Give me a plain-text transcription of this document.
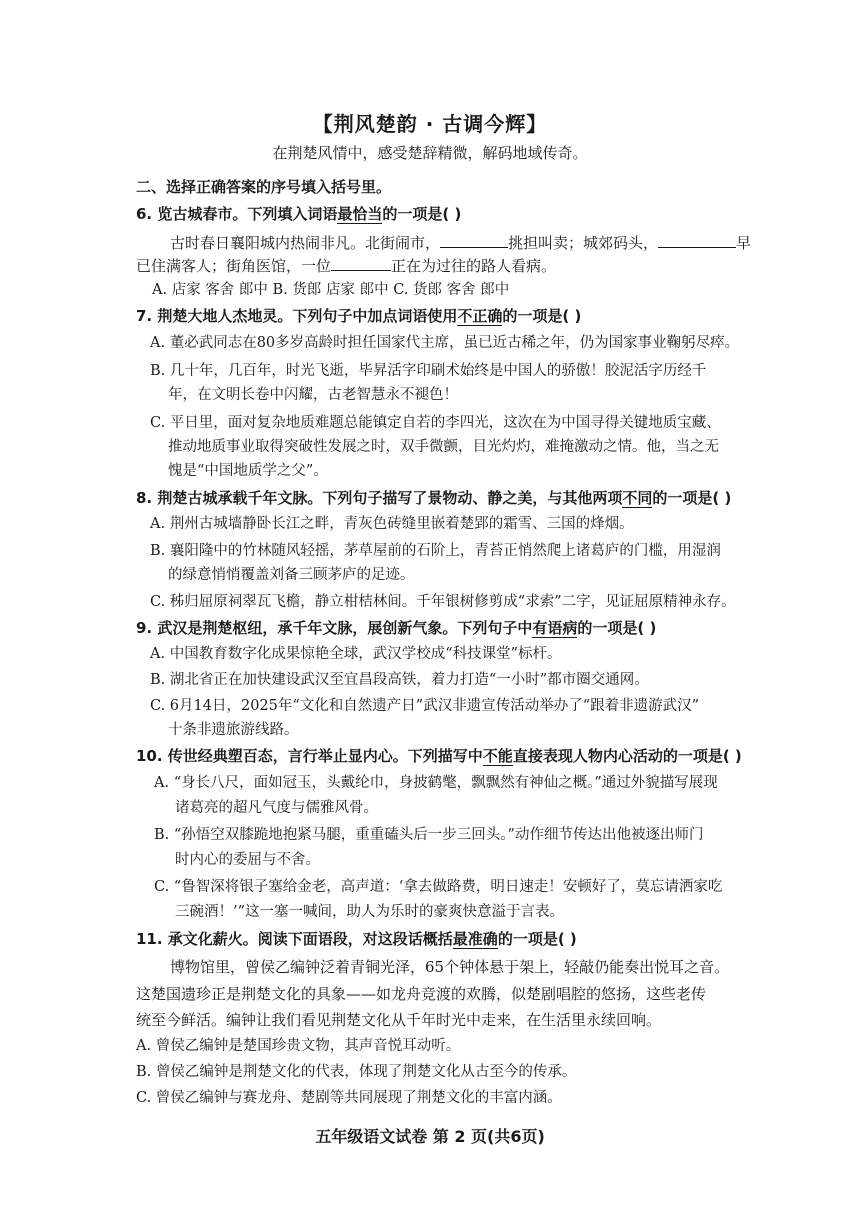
【荆风楚韵 · 古调今辉】
在荆楚风情中，感受楚辞精微，解码地域传奇。
二、选择正确答案的序号填入括号里。
6. 览古城春市。下列填入词语最恰当的一项是( )
古时春日襄阳城内热闹非凡。北街闹市，	挑担叫卖；城郊码头，	早
已住满客人；街角医馆，一位	正在为过往的路人看病。
A. 店家 客舍 郎中 B. 货郎 店家 郎中 C. 货郎 客舍 郎中
7. 荆楚大地人杰地灵。下列句子中加点词语使用不正确的一项是( )
A. 董必武同志在80多岁高龄时担任国家代主席，虽已近古稀之年，仍为国家事业鞠躬尽瘁。
B. 几十年，几百年，时光飞逝，毕昇活字印刷术始终是中国人的骄傲！胶泥活字历经千
年，在文明长卷中闪耀，古老智慧永不褪色！
C. 平日里，面对复杂地质难题总能镇定自若的李四光，这次在为中国寻得关键地质宝藏、
推动地质事业取得突破性发展之时，双手微颤，目光灼灼，难掩激动之情。他，当之无
愧是“中国地质学之父”。
8. 荆楚古城承载千年文脉。下列句子描写了景物动、静之美，与其他两项不同的一项是( )
A. 荆州古城墙静卧长江之畔，青灰色砖缝里嵌着楚郢的霜雪、三国的烽烟。
B. 襄阳隆中的竹林随风轻摇，茅草屋前的石阶上，青苔正悄然爬上诸葛庐的门槛，用湿润
的绿意悄悄覆盖刘备三顾茅庐的足迹。
C. 秭归屈原祠翠瓦飞檐，静立柑桔林间。千年银树修剪成“求索”二字，见证屈原精神永存。
9. 武汉是荆楚枢纽，承千年文脉，展创新气象。下列句子中有语病的一项是( )
A. 中国教育数字化成果惊艳全球，武汉学校成“科技课堂”标杆。
B. 湖北省正在加快建设武汉至宜昌段高铁，着力打造“一小时”都市圈交通网。
C. 6月14日，2025年“文化和自然遗产日”武汉非遗宣传活动举办了“跟着非遗游武汉”
十条非遗旅游线路。
10. 传世经典塑百态，言行举止显内心。下列描写中不能直接表现人物内心活动的一项是( )
A. “身长八尺，面如冠玉，头戴纶巾，身披鹤氅，飘飘然有神仙之概。”通过外貌描写展现
诸葛亮的超凡气度与儒雅风骨。
B. “孙悟空双膝跪地抱紧马腿，重重磕头后一步三回头。”动作细节传达出他被逐出师门
时内心的委屈与不舍。
C. “鲁智深将银子塞给金老，高声道：‘拿去做路费，明日速走！安顿好了，莫忘请洒家吃
三碗酒！’”这一塞一喊间，助人为乐时的豪爽快意溢于言表。
11. 承文化薪火。阅读下面语段，对这段话概括最准确的一项是( )
博物馆里，曾侯乙编钟泛着青铜光泽，65个钟体悬于架上，轻敲仍能奏出悦耳之音。
这楚国遗珍正是荆楚文化的具象——如龙舟竞渡的欢腾，似楚剧唱腔的悠扬，这些老传
统至今鲜活。编钟让我们看见荆楚文化从千年时光中走来，在生活里永续回响。
A. 曾侯乙编钟是楚国珍贵文物，其声音悦耳动听。
B. 曾侯乙编钟是荆楚文化的代表，体现了荆楚文化从古至今的传承。
C. 曾侯乙编钟与赛龙舟、楚剧等共同展现了荆楚文化的丰富内涵。
五年级语文试卷 第 2 页(共6页)
